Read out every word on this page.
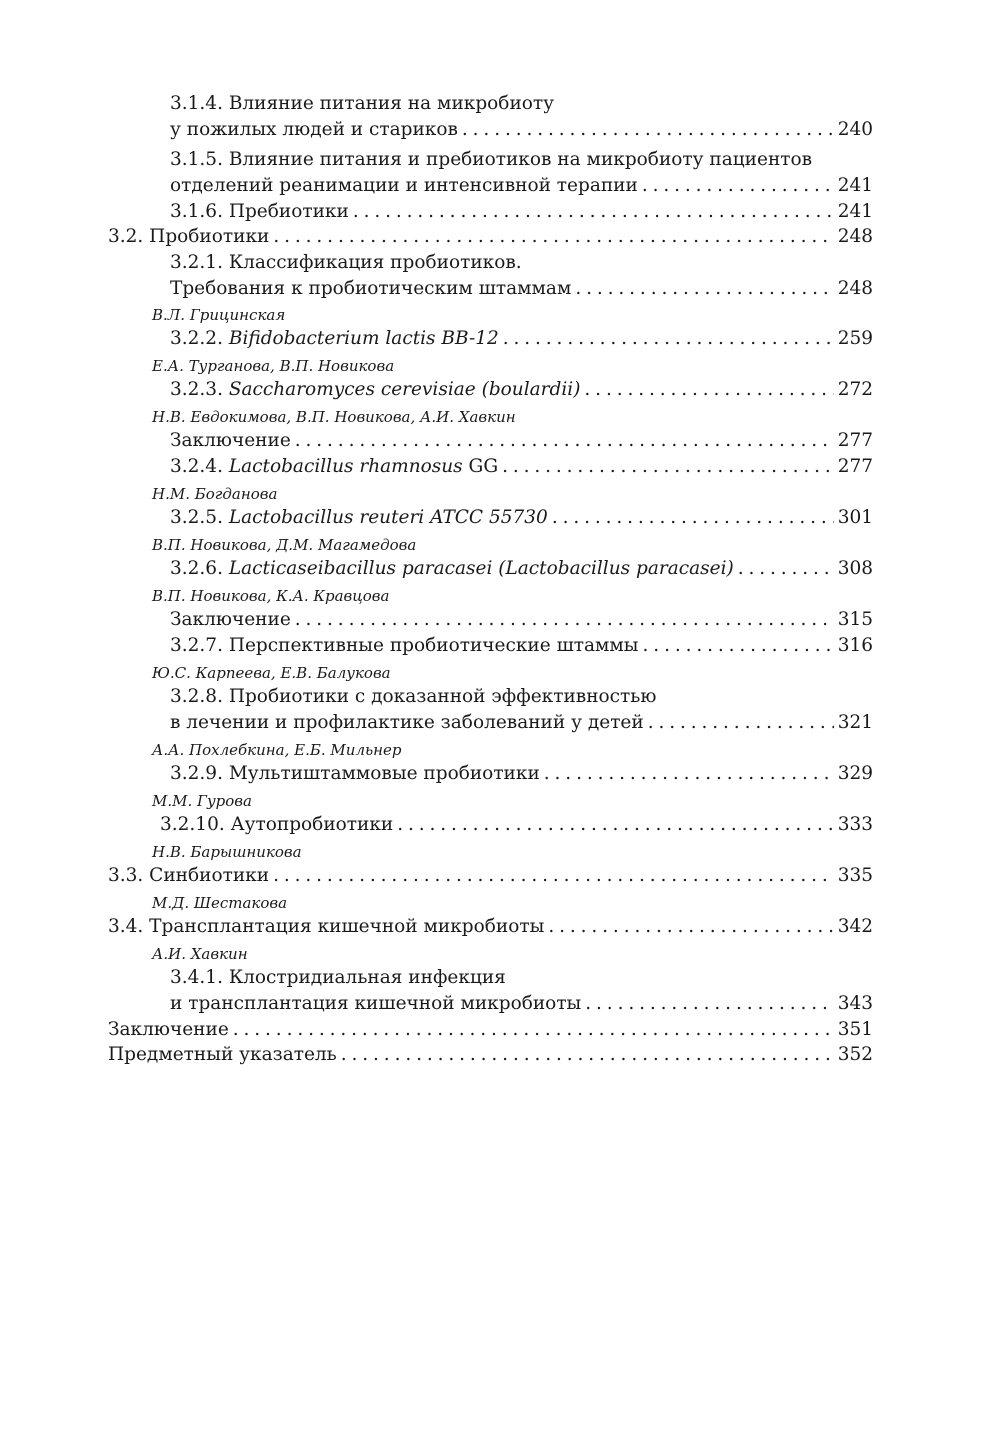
3.1.4. Влияние питания на микробиоту
у пожилых людей и стариков . . .	240
3.1.5. Влияние питания и пребиотиков на микробиоту пациентов
отделений реанимации и интенсивной терапии . . .	241
3.1.6. Пребиотики . . .	241
3.2. Пробиотики . . .	248
3.2.1. Классификация пробиотиков.
Требования к пробиотическим штаммам . . .	248
В.Л. Грицинская
3.2.2. Bifidobacterium lactis BB-12 . . .	259
Е.А. Турганова, В.П. Новикова
3.2.3. Saccharomyces cerevisiae (boulardii) . . .	272
Н.В. Евдокимова, В.П. Новикова, А.И. Хавкин
Заключение . . .	277
3.2.4. Lactobacillus rhamnosus GG . . .	277
Н.М. Богданова
3.2.5. Lactobacillus reuteri ATCC 55730 . . .	301
В.П. Новикова, Д.М. Магамедова
3.2.6. Lacticaseibacillus paracasei (Lactobacillus paracasei) . . .	308
В.П. Новикова, К.А. Кравцова
Заключение . . .	315
3.2.7. Перспективные пробиотические штаммы . . .	316
Ю.С. Карпеева, Е.В. Балукова
3.2.8. Пробиотики с доказанной эффективностью
в лечении и профилактике заболеваний у детей . . .	321
А.А. Похлебкина, Е.Б. Мильнер
3.2.9. Мультиштаммовые пробиотики . . .	329
М.М. Гурова
3.2.10. Аутопробиотики . . .	333
Н.В. Барышникова
3.3. Синбиотики . . .	335
М.Д. Шестакова
3.4. Трансплантация кишечной микробиоты . . .	342
А.И. Хавкин
3.4.1. Клостридиальная инфекция
и трансплантация кишечной микробиоты . . .	343
Заключение . . .	351
Предметный указатель . . .	352
